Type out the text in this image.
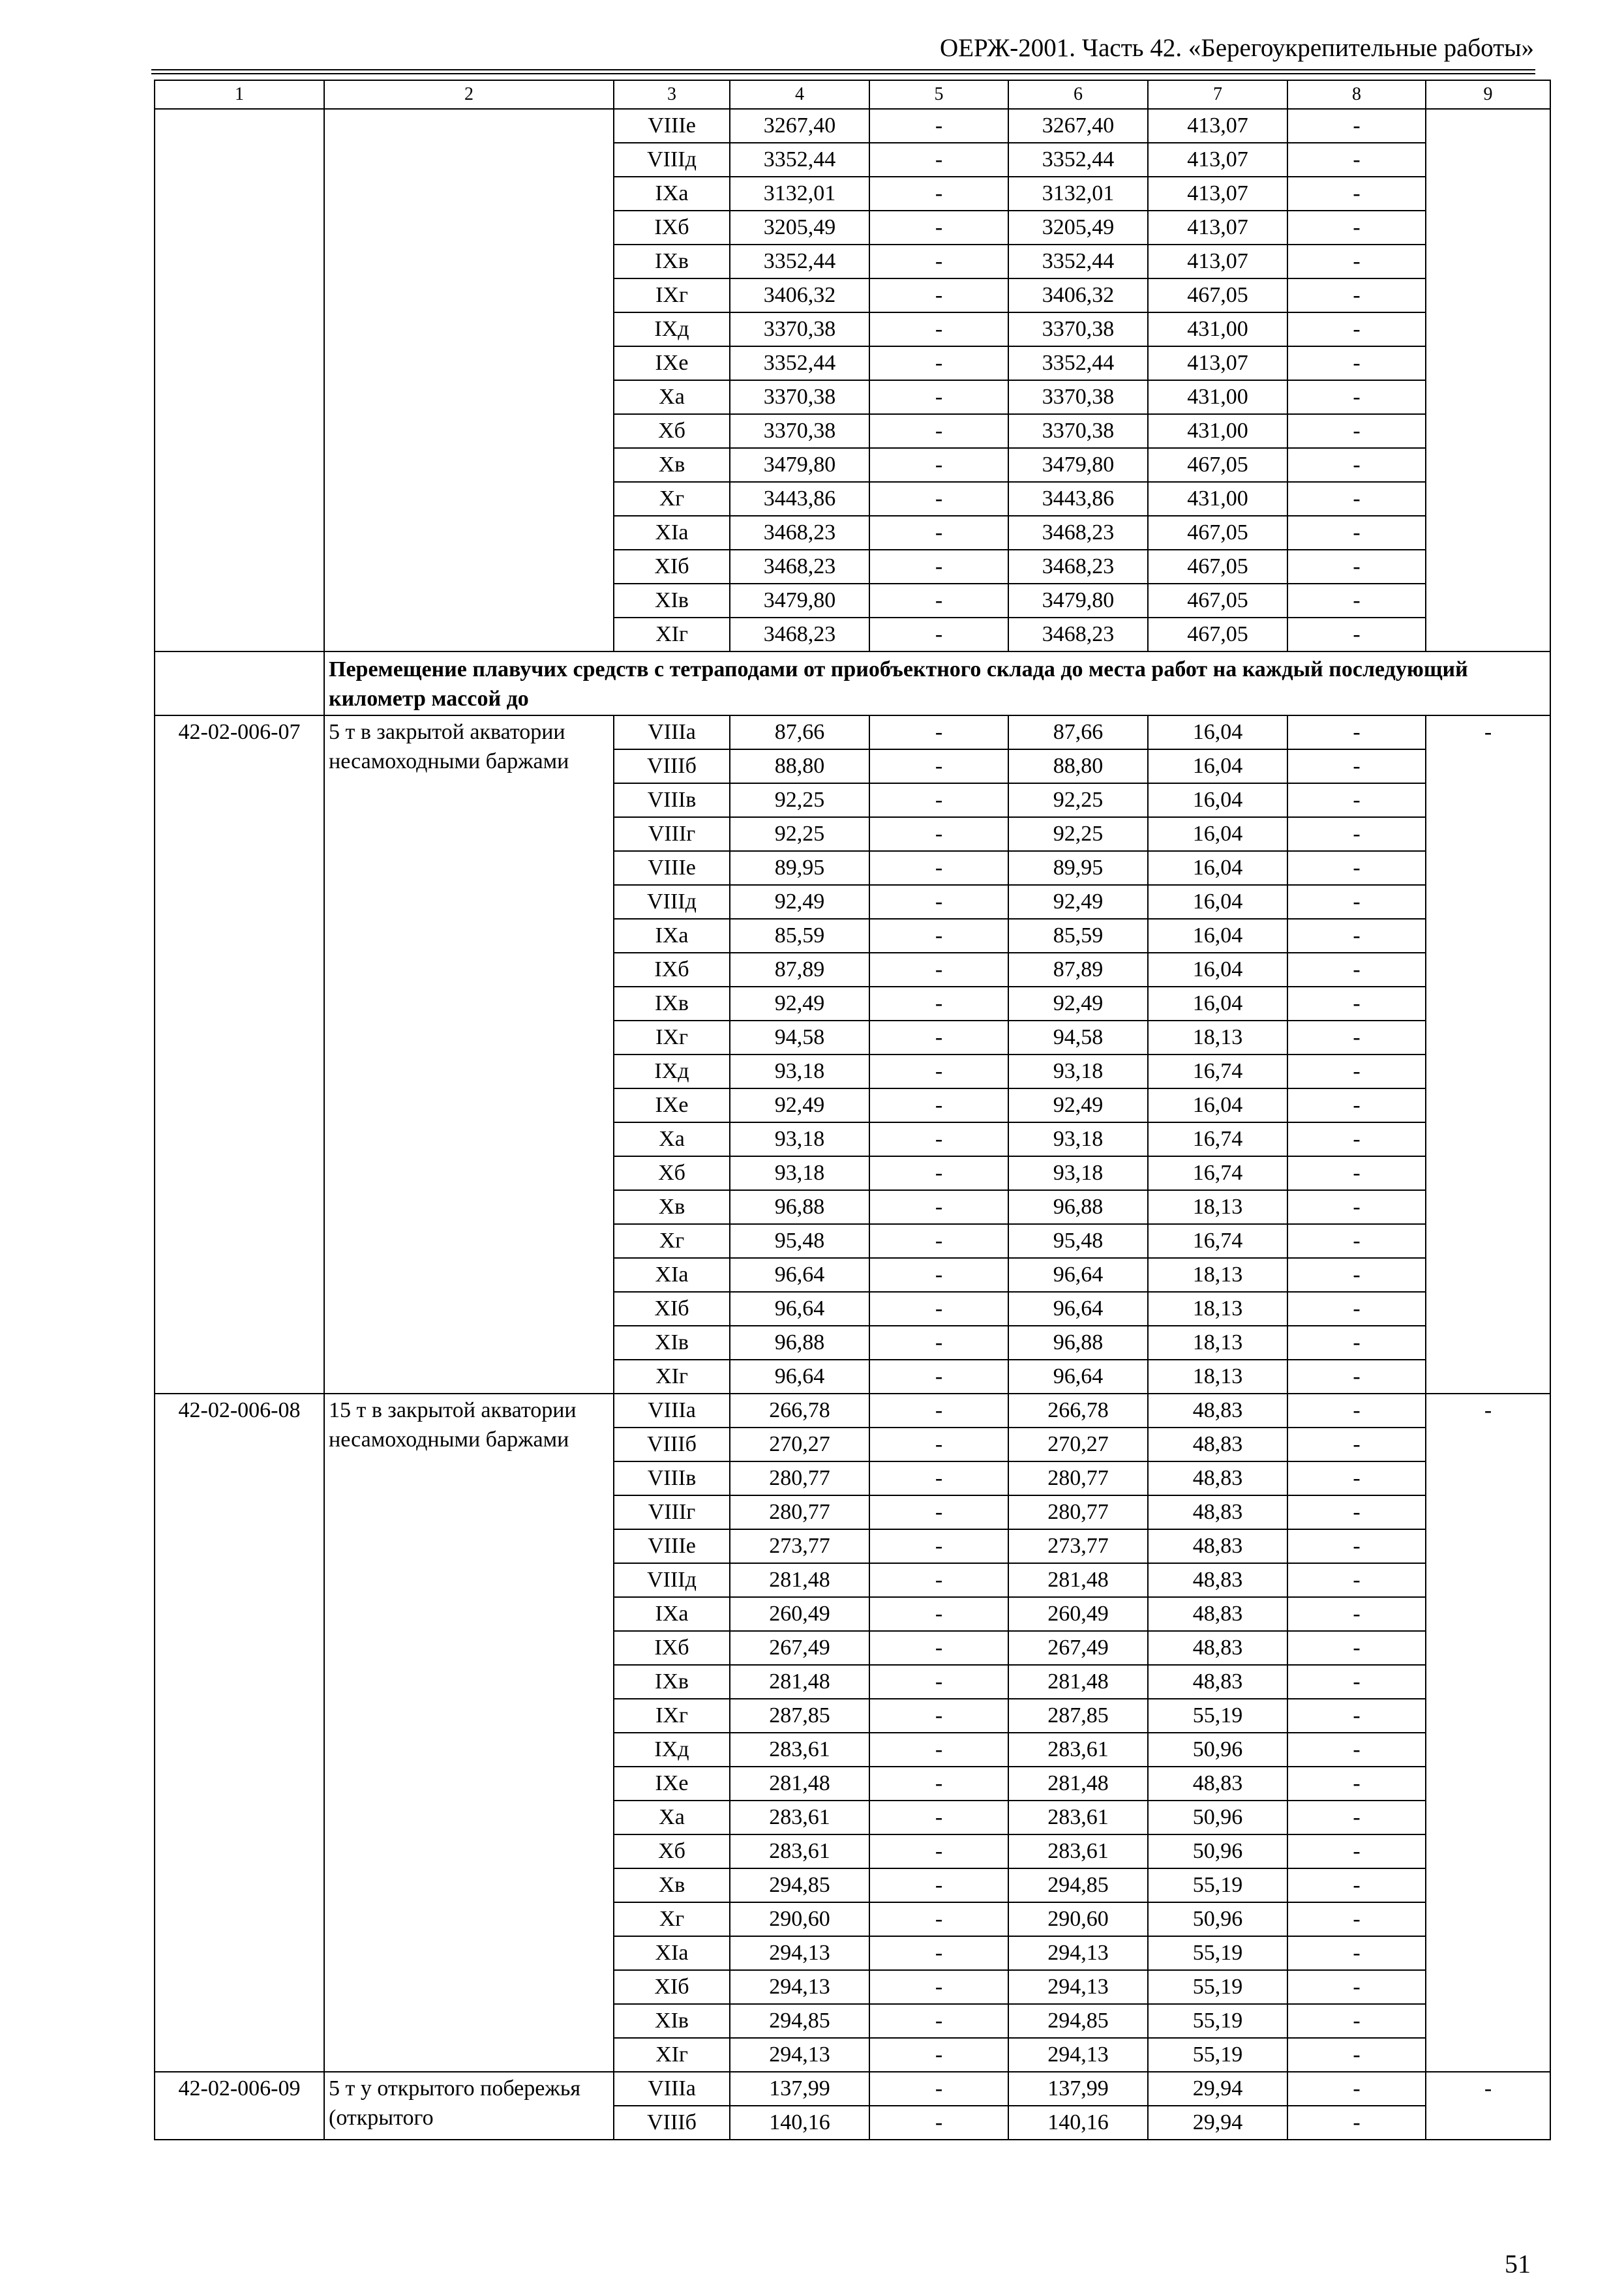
ОЕРЖ-2001. Часть 42. «Берегоукрепительные работы»
1	2	3	4	5	6	7	8	9
		VIIIе	3267,40	-	3267,40	413,07	-	
		VIIIд	3352,44	-	3352,44	413,07	-	
		IXа	3132,01	-	3132,01	413,07	-	
		IXб	3205,49	-	3205,49	413,07	-	
		IXв	3352,44	-	3352,44	413,07	-	
		IXг	3406,32	-	3406,32	467,05	-	
		IXд	3370,38	-	3370,38	431,00	-	
		IXе	3352,44	-	3352,44	413,07	-	
		Xа	3370,38	-	3370,38	431,00	-	
		Xб	3370,38	-	3370,38	431,00	-	
		Xв	3479,80	-	3479,80	467,05	-	
		Xг	3443,86	-	3443,86	431,00	-	
		XIа	3468,23	-	3468,23	467,05	-	
		XIб	3468,23	-	3468,23	467,05	-	
		XIв	3479,80	-	3479,80	467,05	-	
		XIг	3468,23	-	3468,23	467,05	-	
	Перемещение плавучих средств с тетраподами от приобъектного склада до места работ на каждый последующий километр массой до							
42-02-006-07	5 т в закрытой акватории несамоходными баржами	VIIIа	87,66	-	87,66	16,04	-	-
		VIIIб	88,80	-	88,80	16,04	-	
		VIIIв	92,25	-	92,25	16,04	-	
		VIIIг	92,25	-	92,25	16,04	-	
		VIIIе	89,95	-	89,95	16,04	-	
		VIIIд	92,49	-	92,49	16,04	-	
		IXа	85,59	-	85,59	16,04	-	
		IXб	87,89	-	87,89	16,04	-	
		IXв	92,49	-	92,49	16,04	-	
		IXг	94,58	-	94,58	18,13	-	
		IXд	93,18	-	93,18	16,74	-	
		IXе	92,49	-	92,49	16,04	-	
		Xа	93,18	-	93,18	16,74	-	
		Xб	93,18	-	93,18	16,74	-	
		Xв	96,88	-	96,88	18,13	-	
		Xг	95,48	-	95,48	16,74	-	
		XIа	96,64	-	96,64	18,13	-	
		XIб	96,64	-	96,64	18,13	-	
		XIв	96,88	-	96,88	18,13	-	
		XIг	96,64	-	96,64	18,13	-	
42-02-006-08	15 т в закрытой акватории несамоходными баржами	VIIIа	266,78	-	266,78	48,83	-	-
		VIIIб	270,27	-	270,27	48,83	-	
		VIIIв	280,77	-	280,77	48,83	-	
		VIIIг	280,77	-	280,77	48,83	-	
		VIIIе	273,77	-	273,77	48,83	-	
		VIIIд	281,48	-	281,48	48,83	-	
		IXа	260,49	-	260,49	48,83	-	
		IXб	267,49	-	267,49	48,83	-	
		IXв	281,48	-	281,48	48,83	-	
		IXг	287,85	-	287,85	55,19	-	
		IXд	283,61	-	283,61	50,96	-	
		IXе	281,48	-	281,48	48,83	-	
		Xа	283,61	-	283,61	50,96	-	
		Xб	283,61	-	283,61	50,96	-	
		Xв	294,85	-	294,85	55,19	-	
		Xг	290,60	-	290,60	50,96	-	
		XIа	294,13	-	294,13	55,19	-	
		XIб	294,13	-	294,13	55,19	-	
		XIв	294,85	-	294,85	55,19	-	
		XIг	294,13	-	294,13	55,19	-	
42-02-006-09	5 т у открытого побережья (открытого	VIIIа	137,99	-	137,99	29,94	-	-
		VIIIб	140,16	-	140,16	29,94	-	
51
